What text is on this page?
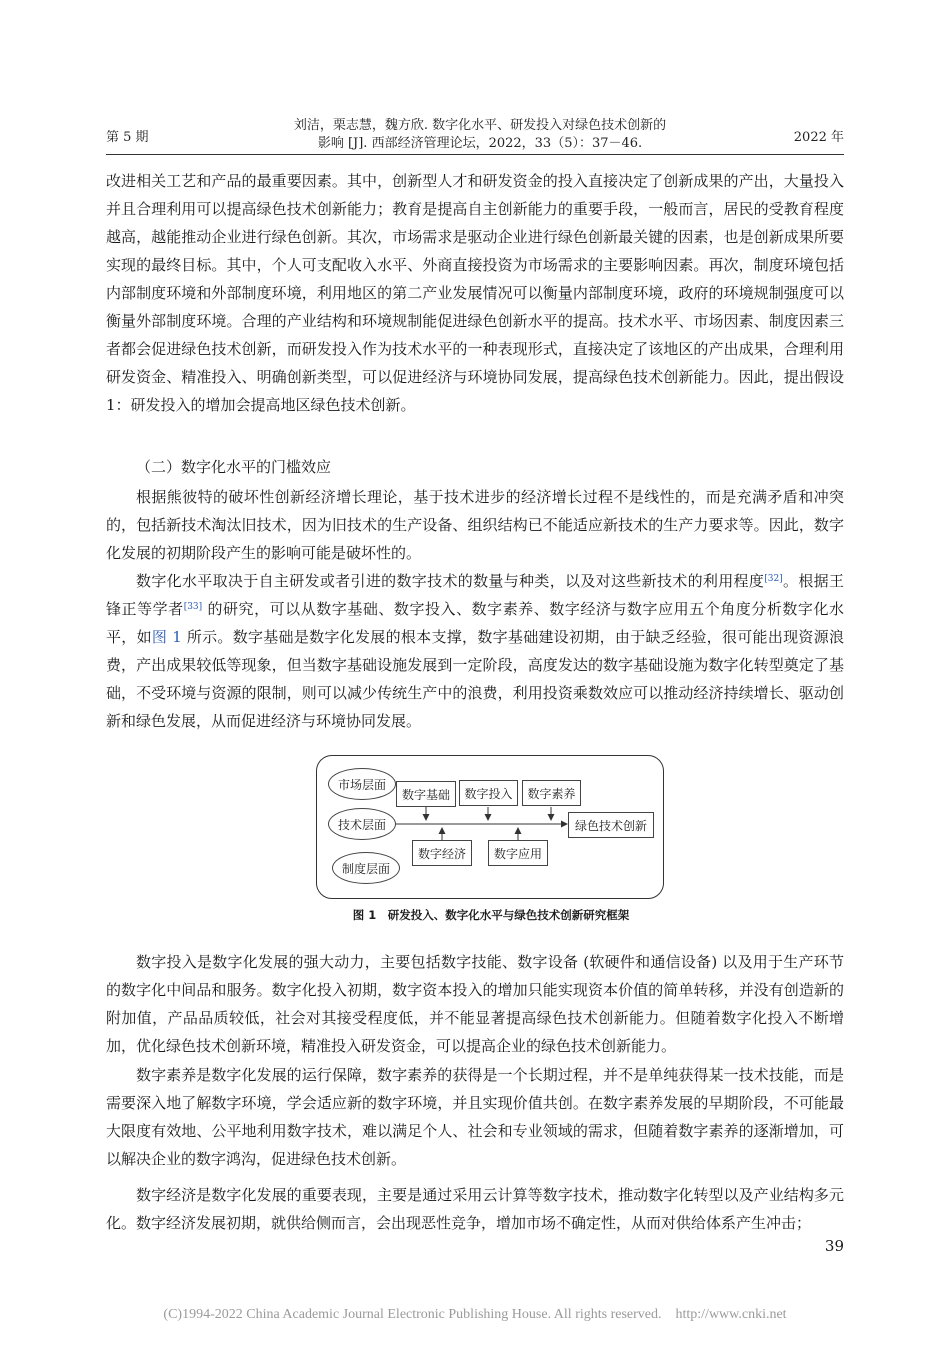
第 5 期
刘洁，栗志慧，魏方欣. 数字化水平、研发投入对绿色技术创新的
影响 [J]. 西部经济管理论坛，2022，33（5）：37－46.	2022 年

改进相关工艺和产品的最重要因素。其中，创新型人才和研发资金的投入直接决定了创新成果的产出，大量投入并且合理利用可以提高绿色技术创新能力；教育是提高自主创新能力的重要手段，一般而言，居民的受教育程度越高，越能推动企业进行绿色创新。其次，市场需求是驱动企业进行绿色创新最关键的因素，也是创新成果所要实现的最终目标。其中，个人可支配收入水平、外商直接投资为市场需求的主要影响因素。再次，制度环境包括内部制度环境和外部制度环境，利用地区的第二产业发展情况可以衡量内部制度环境，政府的环境规制强度可以衡量外部制度环境。合理的产业结构和环境规制能促进绿色创新水平的提高。技术水平、市场因素、制度因素三者都会促进绿色技术创新，而研发投入作为技术水平的一种表现形式，直接决定了该地区的产出成果，合理利用研发资金、精准投入、明确创新类型，可以促进经济与环境协同发展，提高绿色技术创新能力。因此，提出假设 1：研发投入的增加会提高地区绿色技术创新。

（二）数字化水平的门槛效应

根据熊彼特的破坏性创新经济增长理论，基于技术进步的经济增长过程不是线性的，而是充满矛盾和冲突的，包括新技术淘汰旧技术，因为旧技术的生产设备、组织结构已不能适应新技术的生产力要求等。因此，数字化发展的初期阶段产生的影响可能是破坏性的。

数字化水平取决于自主研发或者引进的数字技术的数量与种类，以及对这些新技术的利用程度[32]。根据王锋正等学者[33] 的研究，可以从数字基础、数字投入、数字素养、数字经济与数字应用五个角度分析数字化水平，如图 1 所示。数字基础是数字化发展的根本支撑，数字基础建设初期，由于缺乏经验，很可能出现资源浪费，产出成果较低等现象，但当数字基础设施发展到一定阶段，高度发达的数字基础设施为数字化转型奠定了基础，不受环境与资源的限制，则可以减少传统生产中的浪费，利用投资乘数效应可以推动经济持续增长、驱动创新和绿色发展，从而促进经济与环境协同发展。

市场层面
技术层面
制度层面
数字基础	数字投入	数字素养
绿色技术创新
数字经济	数字应用
图 1　研发投入、数字化水平与绿色技术创新研究框架

数字投入是数字化发展的强大动力，主要包括数字技能、数字设备 (软硬件和通信设备) 以及用于生产环节的数字化中间品和服务。数字化投入初期，数字资本投入的增加只能实现资本价值的简单转移，并没有创造新的附加值，产品品质较低，社会对其接受程度低，并不能显著提高绿色技术创新能力。但随着数字化投入不断增加，优化绿色技术创新环境，精准投入研发资金，可以提高企业的绿色技术创新能力。

数字素养是数字化发展的运行保障，数字素养的获得是一个长期过程，并不是单纯获得某一技术技能，而是需要深入地了解数字环境，学会适应新的数字环境，并且实现价值共创。在数字素养发展的早期阶段，不可能最大限度有效地、公平地利用数字技术，难以满足个人、社会和专业领域的需求，但随着数字素养的逐渐增加，可以解决企业的数字鸿沟，促进绿色技术创新。

数字经济是数字化发展的重要表现，主要是通过采用云计算等数字技术，推动数字化转型以及产业结构多元化。数字经济发展初期，就供给侧而言，会出现恶性竞争，增加市场不确定性，从而对供给体系产生冲击；

39
(C)1994-2022 China Academic Journal Electronic Publishing House. All rights reserved.　http://www.cnki.net
